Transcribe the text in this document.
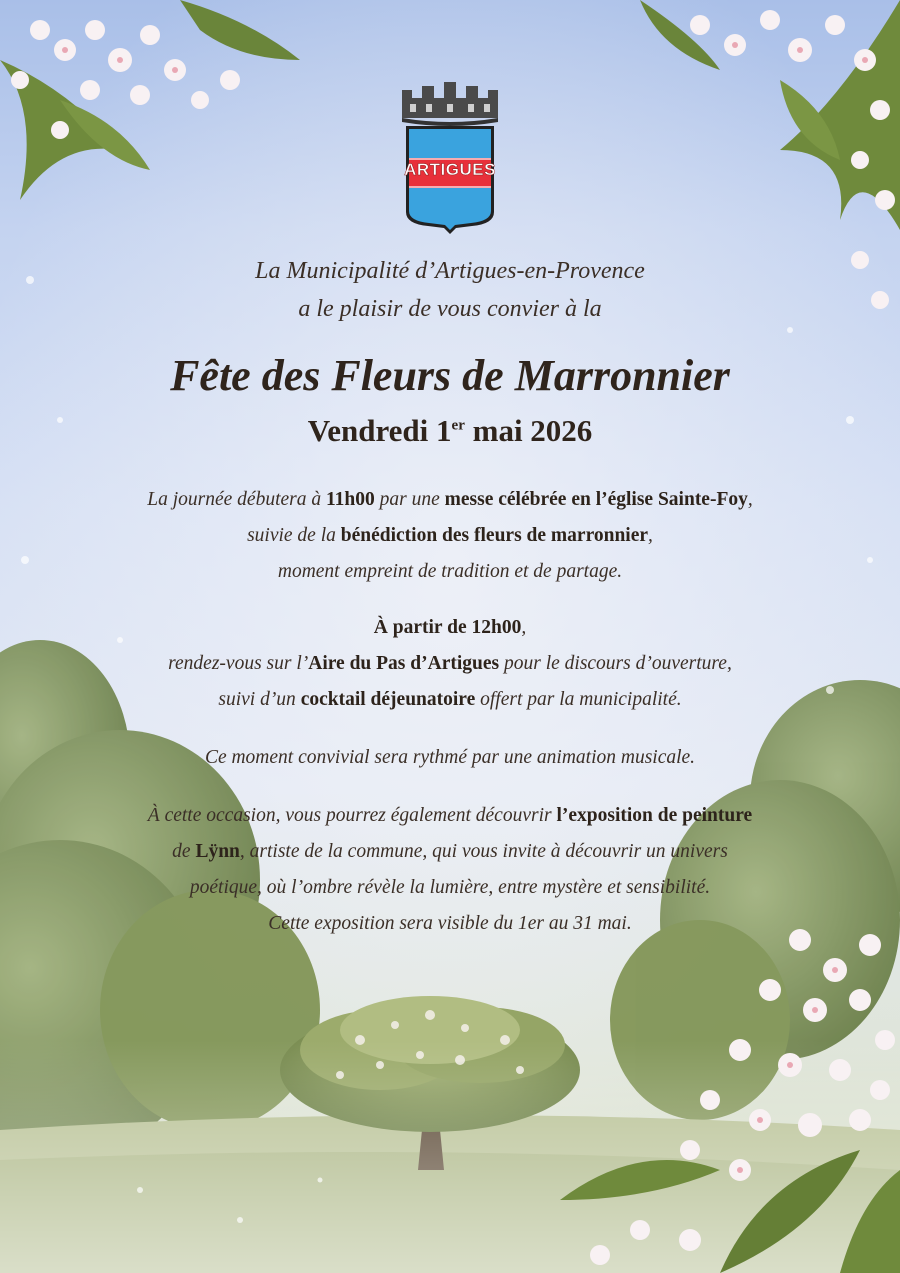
ARTIGUES
La Municipalité d’Artigues-en-Provence
a le plaisir de vous convier à la
Fête des Fleurs de Marronnier
Vendredi 1er mai 2026
La journée débutera à 11h00 par une messe célébrée en l’église Sainte-Foy,
suivie de la bénédiction des fleurs de marronnier,
moment empreint de tradition et de partage.
À partir de 12h00,
rendez-vous sur l’Aire du Pas d’Artigues pour le discours d’ouverture,
suivi d’un cocktail déjeunatoire offert par la municipalité.
Ce moment convivial sera rythmé par une animation musicale.
À cette occasion, vous pourrez également découvrir l’exposition de peinture
de Lÿnn, artiste de la commune, qui vous invite à découvrir un univers
poétique, où l’ombre révèle la lumière, entre mystère et sensibilité.
Cette exposition sera visible du 1er au 31 mai.
